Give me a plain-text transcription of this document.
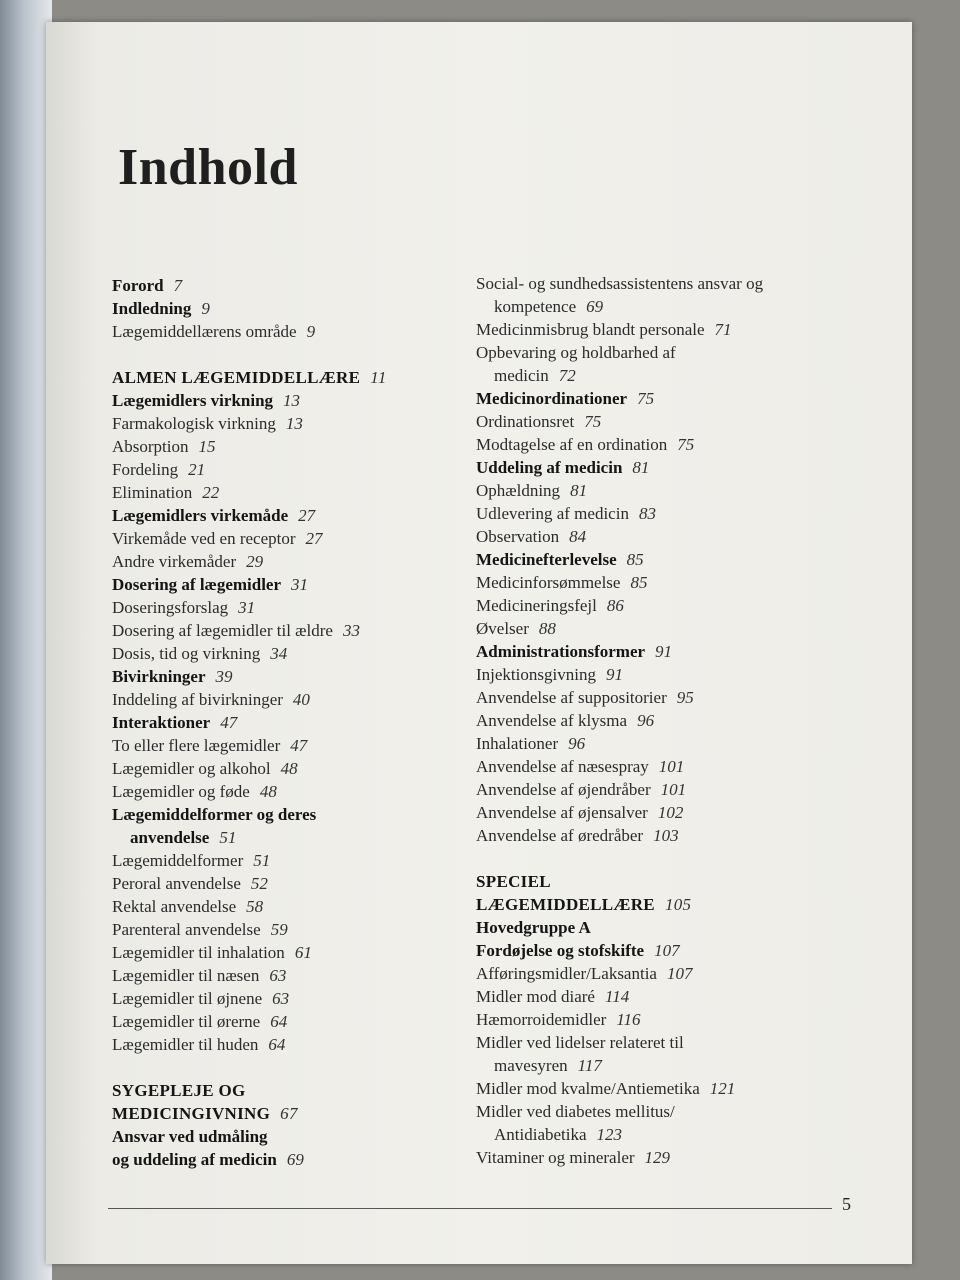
Indhold
Forord 7
Indledning 9
Lægemiddellærens område 9
ALMEN LÆGEMIDDELLÆRE 11
Lægemidlers virkning 13
Farmakologisk virkning 13
Absorption 15
Fordeling 21
Elimination 22
Lægemidlers virkemåde 27
Virkemåde ved en receptor 27
Andre virkemåder 29
Dosering af lægemidler 31
Doseringsforslag 31
Dosering af lægemidler til ældre 33
Dosis, tid og virkning 34
Bivirkninger 39
Inddeling af bivirkninger 40
Interaktioner 47
To eller flere lægemidler 47
Lægemidler og alkohol 48
Lægemidler og føde 48
Lægemiddelformer og deres
anvendelse 51
Lægemiddelformer 51
Peroral anvendelse 52
Rektal anvendelse 58
Parenteral anvendelse 59
Lægemidler til inhalation 61
Lægemidler til næsen 63
Lægemidler til øjnene 63
Lægemidler til ørerne 64
Lægemidler til huden 64
SYGEPLEJE OG
MEDICINGIVNING 67
Ansvar ved udmåling
og uddeling af medicin 69
Social- og sundhedsassistentens ansvar og
kompetence 69
Medicinmisbrug blandt personale 71
Opbevaring og holdbarhed af
medicin 72
Medicinordinationer 75
Ordinationsret 75
Modtagelse af en ordination 75
Uddeling af medicin 81
Ophældning 81
Udlevering af medicin 83
Observation 84
Medicinefterlevelse 85
Medicinforsømmelse 85
Medicineringsfejl 86
Øvelser 88
Administrationsformer 91
Injektionsgivning 91
Anvendelse af suppositorier 95
Anvendelse af klysma 96
Inhalationer 96
Anvendelse af næsespray 101
Anvendelse af øjendråber 101
Anvendelse af øjensalver 102
Anvendelse af øredråber 103
SPECIEL
LÆGEMIDDELLÆRE 105
Hovedgruppe A
Fordøjelse og stofskifte 107
Afføringsmidler/Laksantia 107
Midler mod diaré 114
Hæmorroidemidler 116
Midler ved lidelser relateret til
mavesyren 117
Midler mod kvalme/Antiemetika 121
Midler ved diabetes mellitus/
Antidiabetika 123
Vitaminer og mineraler 129
5
